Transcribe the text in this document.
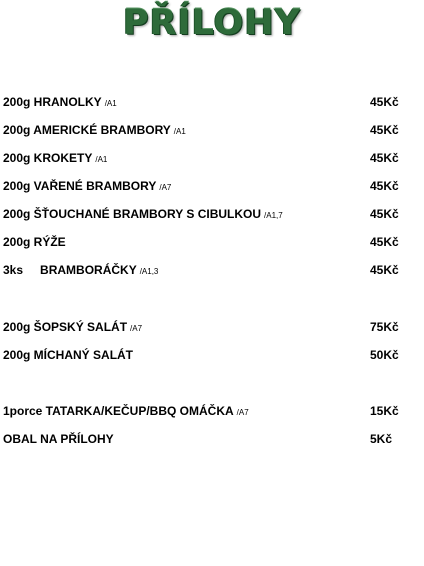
PŘÍLOHY
200g HRANOLKY /A1	45Kč
200g AMERICKÉ BRAMBORY /A1	45Kč
200g KROKETY /A1	45Kč
200g VAŘENÉ BRAMBORY /A7	45Kč
200g ŠŤOUCHANÉ BRAMBORY S CIBULKOU /A1,7	45Kč
200g RÝŽE	45Kč
3ks BRAMBORÁČKY /A1,3	45Kč
200g ŠOPSKÝ SALÁT /A7	75Kč
200g MÍCHANÝ SALÁT	50Kč
1porce TATARKA/KEČUP/BBQ OMÁČKA /A7	15Kč
OBAL NA PŘÍLOHY	5Kč
